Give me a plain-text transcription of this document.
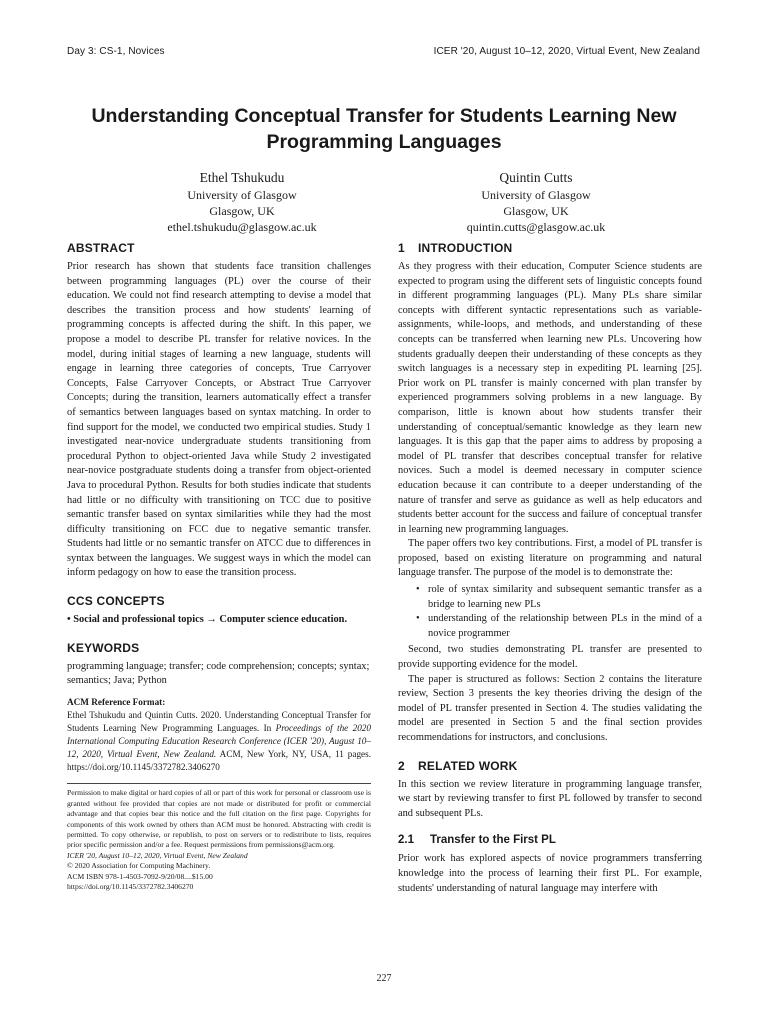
Day 3: CS-1, Novices	ICER '20, August 10–12, 2020, Virtual Event, New Zealand
Understanding Conceptual Transfer for Students Learning New Programming Languages
Ethel Tshukudu
University of Glasgow
Glasgow, UK
ethel.tshukudu@glasgow.ac.uk
Quintin Cutts
University of Glasgow
Glasgow, UK
quintin.cutts@glasgow.ac.uk
ABSTRACT

Prior research has shown that students face transition challenges between programming languages (PL) over the course of their education. We could not find research attempting to devise a model that describes the transition process and how students' learning of programming concepts is affected during the shift. In this paper, we propose a model to describe PL transfer for relative novices. In the model, during initial stages of learning a new language, students will engage in learning three categories of concepts, True Carryover Concepts, False Carryover Concepts, or Abstract True Carryover Concepts; during the transition, learners automatically effect a transfer of semantics between languages based on syntax matching. In order to find support for the model, we conducted two empirical studies. Study 1 investigated near-novice undergraduate students transitioning from procedural Python to object-oriented Java while Study 2 investigated near-novice postgraduate students doing a transfer from object-oriented Java to procedural Python. Results for both studies indicate that students had little or no difficulty with transitioning on TCC due to positive semantic transfer based on syntax similarities while they had the most difficulty transitioning on FCC due to negative semantic transfer. Students had little or no semantic transfer on ATCC due to differences in syntax between the languages. We suggest ways in which the model can inform pedagogy on how to ease the transition process.

CCS CONCEPTS

• Social and professional topics → Computer science education.

KEYWORDS

programming language; transfer; code comprehension; concepts; syntax; semantics; Java; Python

ACM Reference Format:

Ethel Tshukudu and Quintin Cutts. 2020. Understanding Conceptual Transfer for Students Learning New Programming Languages. In Proceedings of the 2020 International Computing Education Research Conference (ICER '20), August 10–12, 2020, Virtual Event, New Zealand. ACM, New York, NY, USA, 11 pages. https://doi.org/10.1145/3372782.3406270

Permission to make digital or hard copies of all or part of this work for personal or classroom use is granted without fee provided that copies are not made or distributed for profit or commercial advantage and that copies bear this notice and the full citation on the first page. Copyrights for components of this work owned by others than ACM must be honored. Abstracting with credit is permitted. To copy otherwise, or republish, to post on servers or to redistribute to lists, requires prior specific permission and/or a fee. Request permissions from permissions@acm.org.

ICER '20, August 10–12, 2020, Virtual Event, New Zealand

© 2020 Association for Computing Machinery.

ACM ISBN 978-1-4503-7092-9/20/08....$15.00

https://doi.org/10.1145/3372782.3406270

1 INTRODUCTION

As they progress with their education, Computer Science students are expected to program using the different sets of linguistic concepts found in different programming languages (PL). Many PLs share similar concepts with different syntactic representations such as variable-assignments, while-loops, and methods, and understanding of these concepts can be transferred when learning new PLs. Uncovering how students gradually deepen their understanding of these concepts as they switch languages is a necessary step in expediting PL learning [25]. Prior work on PL transfer is mainly concerned with plan transfer by experienced programmers solving problems in a new language. By comparison, little is known about how students transfer their understanding of conceptual/semantic knowledge as they learn new languages. It is this gap that the paper aims to address by proposing a model of PL transfer that describes conceptual transfer for relative novices. Such a model is deemed necessary in computer science education because it can contribute to a deeper understanding of the nature of transfer and serve as guidance as well as help educators and students better account for the success and failure of conceptual transfer in learning new programming languages.

The paper offers two key contributions. First, a model of PL transfer is proposed, based on existing literature on programming and natural language transfer. The purpose of the model is to demonstrate the:

• role of syntax similarity and subsequent semantic transfer as a bridge to learning new PLs
• understanding of the relationship between PLs in the mind of a novice programmer

Second, two studies demonstrating PL transfer are presented to provide supporting evidence for the model.

The paper is structured as follows: Section 2 contains the literature review, Section 3 presents the key theories driving the design of the model of PL transfer presented in Section 4. The studies validating the model are presented in Section 5 and the final section provides recommendations for instructors, and conclusions.

2 RELATED WORK

In this section we review literature in programming language transfer, we start by reviewing transfer to first PL followed by transfer to second and subsequent PLs.

2.1 Transfer to the First PL

Prior work has explored aspects of novice programmers transferring knowledge into the process of learning their first PL. For example, students' understanding of natural language may interfere with

227
